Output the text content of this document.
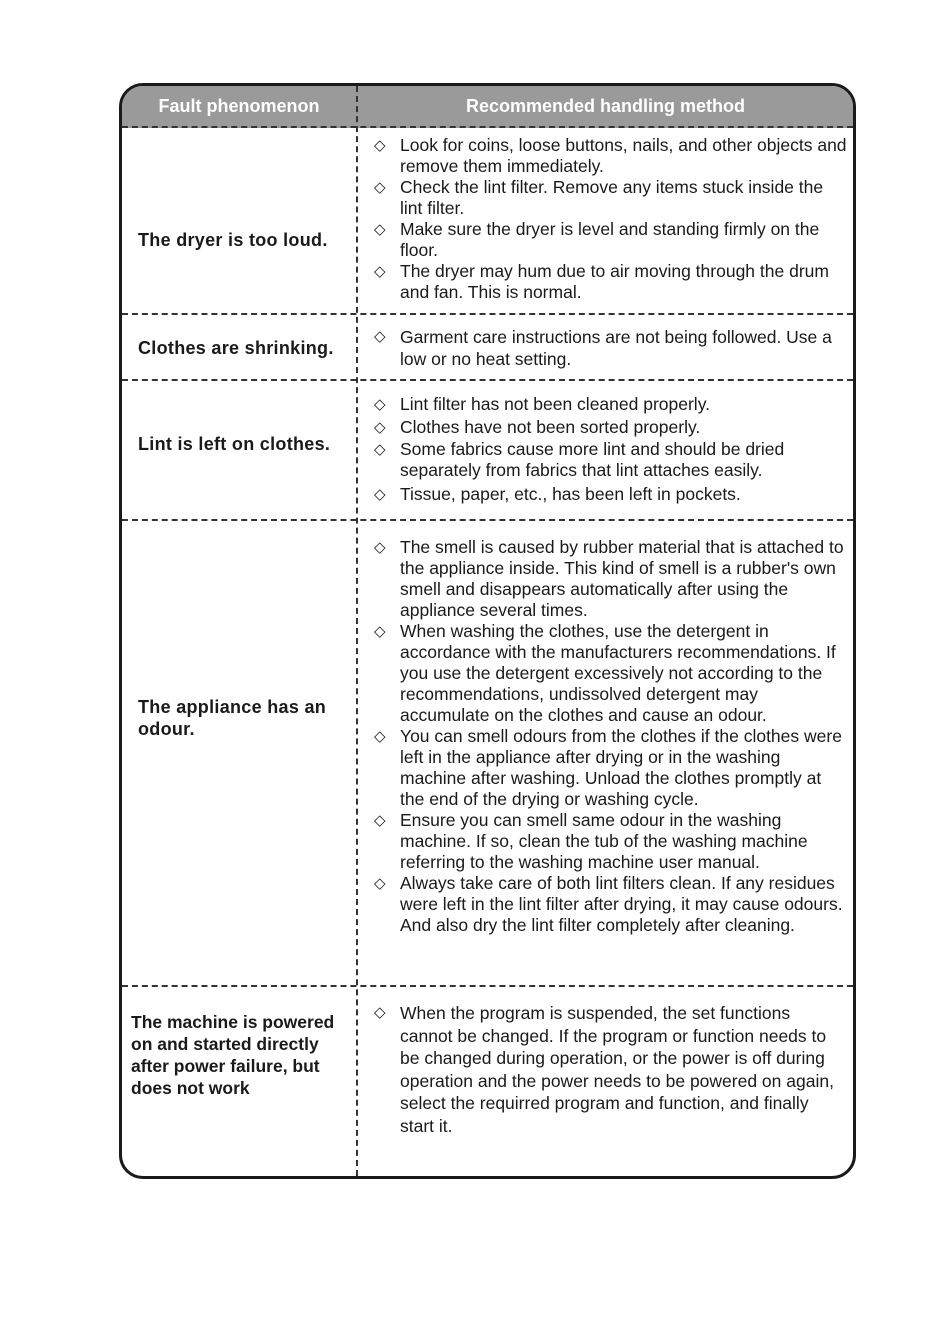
Fault phenomenon	Recommended handling method
The dryer is too loud.
◇ Look for coins, loose buttons, nails, and other objects and remove them immediately.
◇ Check the lint filter. Remove any items stuck inside the lint filter.
◇ Make sure the dryer is level and standing firmly on the floor.
◇ The dryer may hum due to air moving through the drum and fan. This is normal.
Clothes are shrinking.
◇ Garment care instructions are not being followed. Use a low or no heat setting.
Lint is left on clothes.
◇ Lint filter has not been cleaned properly.
◇ Clothes have not been sorted properly.
◇ Some fabrics cause more lint and should be dried separately from fabrics that lint attaches easily.
◇ Tissue, paper, etc., has been left in pockets.
The appliance has an odour.
◇ The smell is caused by rubber material that is attached to the appliance inside. This kind of smell is a rubber's own smell and disappears automatically after using the appliance several times.
◇ When washing the clothes, use the detergent in accordance with the manufacturers recommendations. If you use the detergent excessively not according to the recommendations, undissolved detergent may accumulate on the clothes and cause an odour.
◇ You can smell odours from the clothes if the clothes were left in the appliance after drying or in the washing machine after washing. Unload the clothes promptly at the end of the drying or washing cycle.
◇ Ensure you can smell same odour in the washing machine. If so, clean the tub of the washing machine referring to the washing machine user manual.
◇ Always take care of both lint filters clean. If any residues were left in the lint filter after drying, it may cause odours. And also dry the lint filter completely after cleaning.
The machine is powered on and started directly after power failure, but does not work
◇ When the program is suspended, the set functions cannot be changed. If the program or function needs to be changed during operation, or the power is off during operation and the power needs to be powered on again, select the requirred program and function, and finally start it.
